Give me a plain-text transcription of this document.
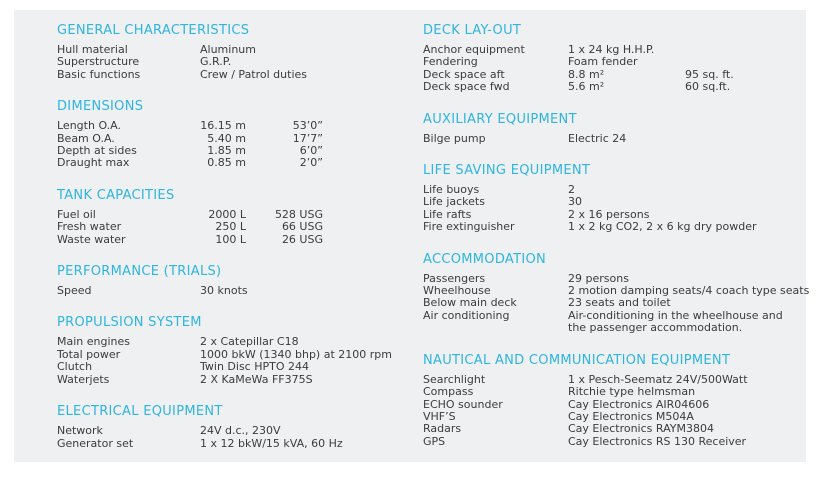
GENERAL CHARACTERISTICS
Hull material	Aluminum
Superstructure	G.R.P.
Basic functions	Crew / Patrol duties
DIMENSIONS
Length O.A.	16.15 m	53’0”
Beam O.A.	5.40 m	17’7”
Depth at sides	1.85 m	6’0”
Draught max	0.85 m	2’0”
TANK CAPACITIES
Fuel oil	2000 L	528 USG
Fresh water	250 L	66 USG
Waste water	100 L	26 USG
PERFORMANCE (TRIALS)
Speed	30 knots
PROPULSION SYSTEM
Main engines	2 x Catepillar C18
Total power	1000 bkW (1340 bhp) at 2100 rpm
Clutch	Twin Disc HPTO 244
Waterjets	2 X KaMeWa FF375S
ELECTRICAL EQUIPMENT
Network	24V d.c., 230V
Generator set	1 x 12 bkW/15 kVA, 60 Hz
DECK LAY-OUT
Anchor equipment	1 x 24 kg H.H.P.
Fendering	Foam fender
Deck space aft	8.8 m²	95 sq. ft.
Deck space fwd	5.6 m²	60 sq.ft.
AUXILIARY EQUIPMENT
Bilge pump	Electric 24
LIFE SAVING EQUIPMENT
Life buoys	2
Life jackets	30
Life rafts	2 x 16 persons
Fire extinguisher	1 x 2 kg CO2, 2 x 6 kg dry powder
ACCOMMODATION
Passengers	29 persons
Wheelhouse	2 motion damping seats/4 coach type seats
Below main deck	23 seats and toilet
Air conditioning	Air-conditioning in the wheelhouse and the passenger accommodation.
NAUTICAL AND COMMUNICATION EQUIPMENT
Searchlight	1 x Pesch-Seematz 24V/500Watt
Compass	Ritchie type helmsman
ECHO sounder	Cay Electronics AIR04606
VHF’S	Cay Electronics M504A
Radars	Cay Electronics RAYM3804
GPS	Cay Electronics RS 130 Receiver
